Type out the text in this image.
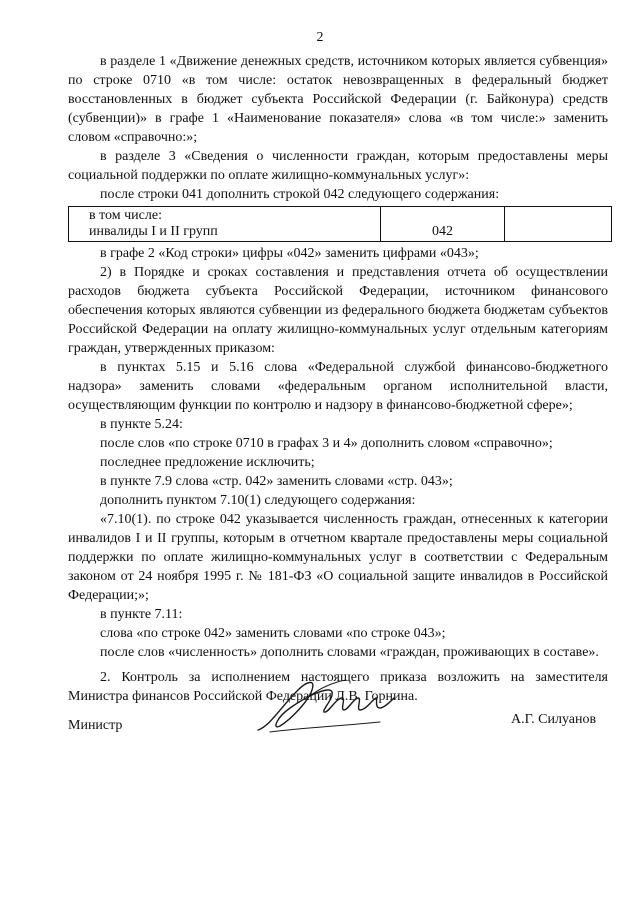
2

в разделе 1 «Движение денежных средств, источником которых является субвенция» по строке 0710 «в том числе: остаток невозвращенных в федеральный бюджет восстановленных в бюджет субъекта Российской Федерации (г. Байконура) средств (субвенции)» в графе 1 «Наименование показателя» слова «в том числе:» заменить словом «справочно:»;

в разделе 3 «Сведения о численности граждан, которым предоставлены меры социальной поддержки по оплате жилищно-коммунальных услуг»:

после строки 041 дополнить строкой 042 следующего содержания:

в том числе:
инвалиды I и II групп	042	

в графе 2 «Код строки» цифры «042» заменить цифрами «043»;

2) в Порядке и сроках составления и представления отчета об осуществлении расходов бюджета субъекта Российской Федерации, источником финансового обеспечения которых являются субвенции из федерального бюджета бюджетам субъектов Российской Федерации на оплату жилищно-коммунальных услуг отдельным категориям граждан, утвержденных приказом:

в пунктах 5.15 и 5.16 слова «Федеральной службой финансово-бюджетного надзора» заменить словами «федеральным органом исполнительной власти, осуществляющим функции по контролю и надзору в финансово-бюджетной сфере»;

в пункте 5.24:

после слов «по строке 0710 в графах 3 и 4» дополнить словом «справочно»;

последнее предложение исключить;

в пункте 7.9 слова «стр. 042» заменить словами «стр. 043»;

дополнить пунктом 7.10(1) следующего содержания:

«7.10(1). по строке 042 указывается численность граждан, отнесенных к категории инвалидов I и II группы, которым в отчетном квартале предоставлены меры социальной поддержки по оплате жилищно-коммунальных услуг в соответствии с Федеральным законом от 24 ноября 1995 г. № 181-ФЗ «О социальной защите инвалидов в Российской Федерации;»;

в пункте 7.11:

слова «по строке 042» заменить словами «по строке 043»;

после слов «численность» дополнить словами «граждан, проживающих в составе».

2. Контроль за исполнением настоящего приказа возложить на заместителя Министра финансов Российской Федерации Л.В. Горнина.

Министр	А.Г. Силуанов
